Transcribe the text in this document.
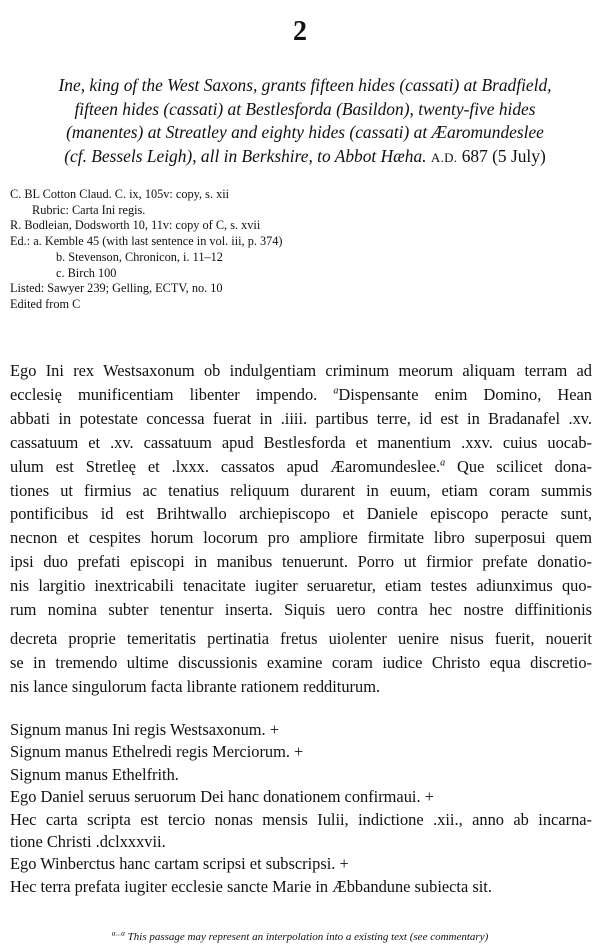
2
Ine, king of the West Saxons, grants fifteen hides (cassati) at Bradfield,
fifteen hides (cassati) at Bestlesforda (Basildon), twenty-five hides
(manentes) at Streatley and eighty hides (cassati) at Æaromundeslee
(cf. Bessels Leigh), all in Berkshire, to Abbot Hæha. A.D. 687 (5 July)
C. BL Cotton Claud. C. ix, 105v: copy, s. xii
Rubric: Carta Ini regis.
R. Bodleian, Dodsworth 10, 11v: copy of C, s. xvii
Ed.: a. Kemble 45 (with last sentence in vol. iii, p. 374)
b. Stevenson, Chronicon, i. 11–12
c. Birch 100
Listed: Sawyer 239; Gelling, ECTV, no. 10
Edited from C
Ego Ini rex Westsaxonum ob indulgentiam criminum meorum aliquam terram ad
ecclesię munificentiam libenter impendo. $^a$Dispensante enim Domino, Hean
abbati in potestate concessa fuerat in .iiii. partibus terre, id est in Bradanafel .xv.
cassatuum et .xv. cassatuum apud Bestlesforda et manentium .xxv. cuius uocab-
ulum est Stretleę et .lxxx. cassatos apud Æaromundeslee.$^a$ Que scilicet dona-
tiones ut firmius ac tenatius reliquum durarent in euum, etiam coram summis
pontificibus id est Brihtwallo archiepiscopo et Daniele episcopo peracte sunt,
necnon et cespites horum locorum pro ampliore firmitate libro superposui quem
ipsi duo prefati episcopi in manibus tenuerunt. Porro ut firmior prefate donatio-
nis largitio inextricabili tenacitate iugiter seruaretur, etiam testes adiunximus quo-
rum nomina subter tenentur inserta. Siquis uero contra hec nostre diffinitionis
decreta proprie temeritatis pertinatia fretus uiolenter uenire nisus fuerit, nouerit
se in tremendo ultime discussionis examine coram iudice Christo equa discretio-
nis lance singulorum facta librante rationem redditurum.
Signum manus Ini regis Westsaxonum. +
Signum manus Ethelredi regis Merciorum. +
Signum manus Ethelfrith.
Ego Daniel seruus seruorum Dei hanc donationem confirmaui. +
Hec carta scripta est tercio nonas mensis Iulii, indictione .xii., anno ab incarna-
tione Christi .dclxxxvii.
Ego Winberctus hanc cartam scripsi et subscripsi. +
Hec terra prefata iugiter ecclesie sancte Marie in Æbbandune subiecta sit.
$^{a...a}$ This passage may represent an interpolation into a existing text (see commentary)
